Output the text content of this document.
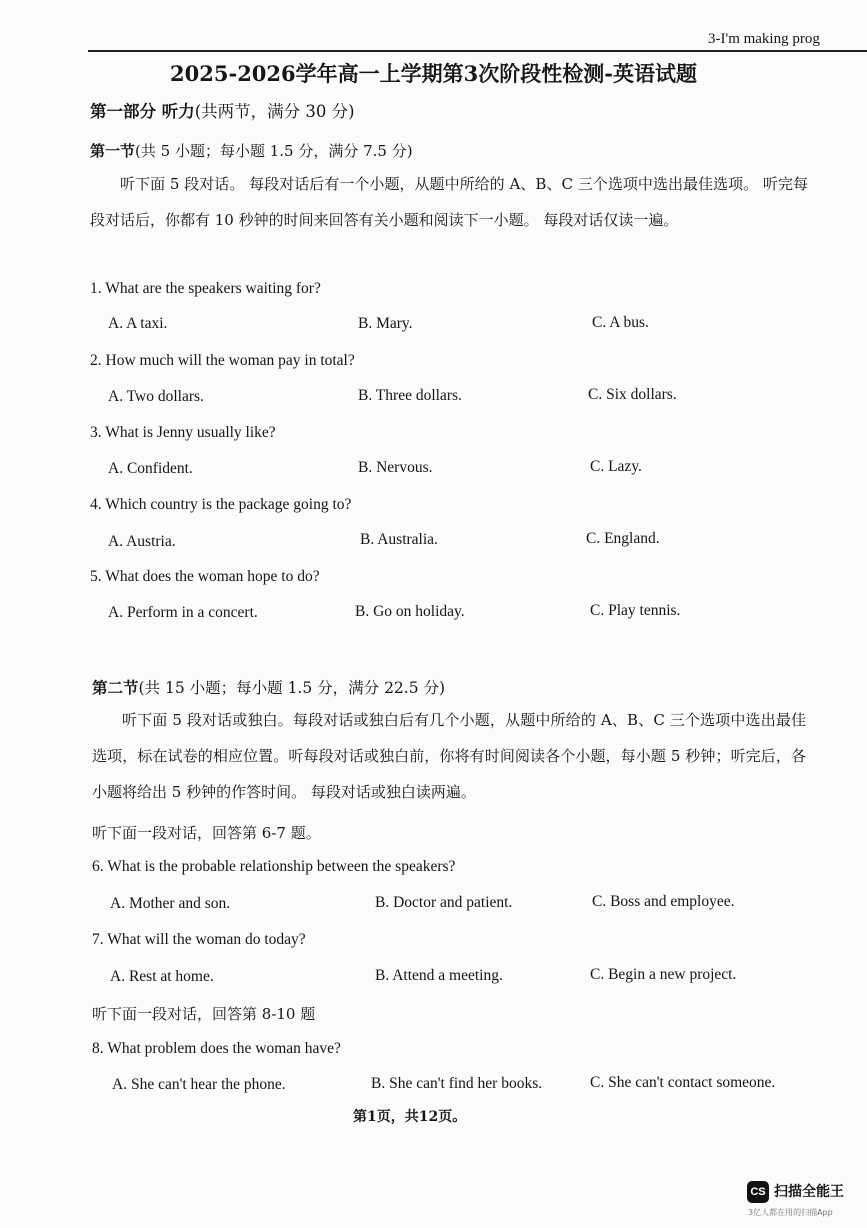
3-I'm making prog
2025-2026学年高一上学期第3次阶段性检测-英语试题
第一部分 听力(共两节，满分 30 分)
第一节(共 5 小题；每小题 1.5 分，满分 7.5 分)

听下面 5 段对话。 每段对话后有一个小题，从题中所给的 A、B、C 三个选项中选出最佳选项。 听完每段对话后，你都有 10 秒钟的时间来回答有关小题和阅读下一小题。 每段对话仅读一遍。

1. What are the speakers waiting for?
A. A taxi.	B. Mary.	C. A bus.
2. How much will the woman pay in total?
A. Two dollars.	B. Three dollars.	C. Six dollars.
3. What is Jenny usually like?
A. Confident.	B. Nervous.	C. Lazy.
4. Which country is the package going to?
A. Austria.	B. Australia.	C. England.
5. What does the woman hope to do?
A. Perform in a concert.	B. Go on holiday.	C. Play tennis.
第二节(共 15 小题；每小题 1.5 分，满分 22.5 分)

听下面 5 段对话或独白。每段对话或独白后有几个小题，从题中所给的 A、B、C 三个选项中选出最佳选项，标在试卷的相应位置。听每段对话或独白前，你将有时间阅读各个小题，每小题 5 秒钟；听完后，各小题将给出 5 秒钟的作答时间。 每段对话或独白读两遍。

听下面一段对话，回答第 6-7 题。
6. What is the probable relationship between the speakers?
A. Mother and son.	B. Doctor and patient.	C. Boss and employee.
7. What will the woman do today?
A. Rest at home.	B. Attend a meeting.	C. Begin a new project.
听下面一段对话，回答第 8-10 题
8. What problem does the woman have?
A. She can't hear the phone.	B. She can't find her books.	C. She can't contact someone.
第1页，共12页。
CS 扫描全能王
3亿人都在用的扫描App
